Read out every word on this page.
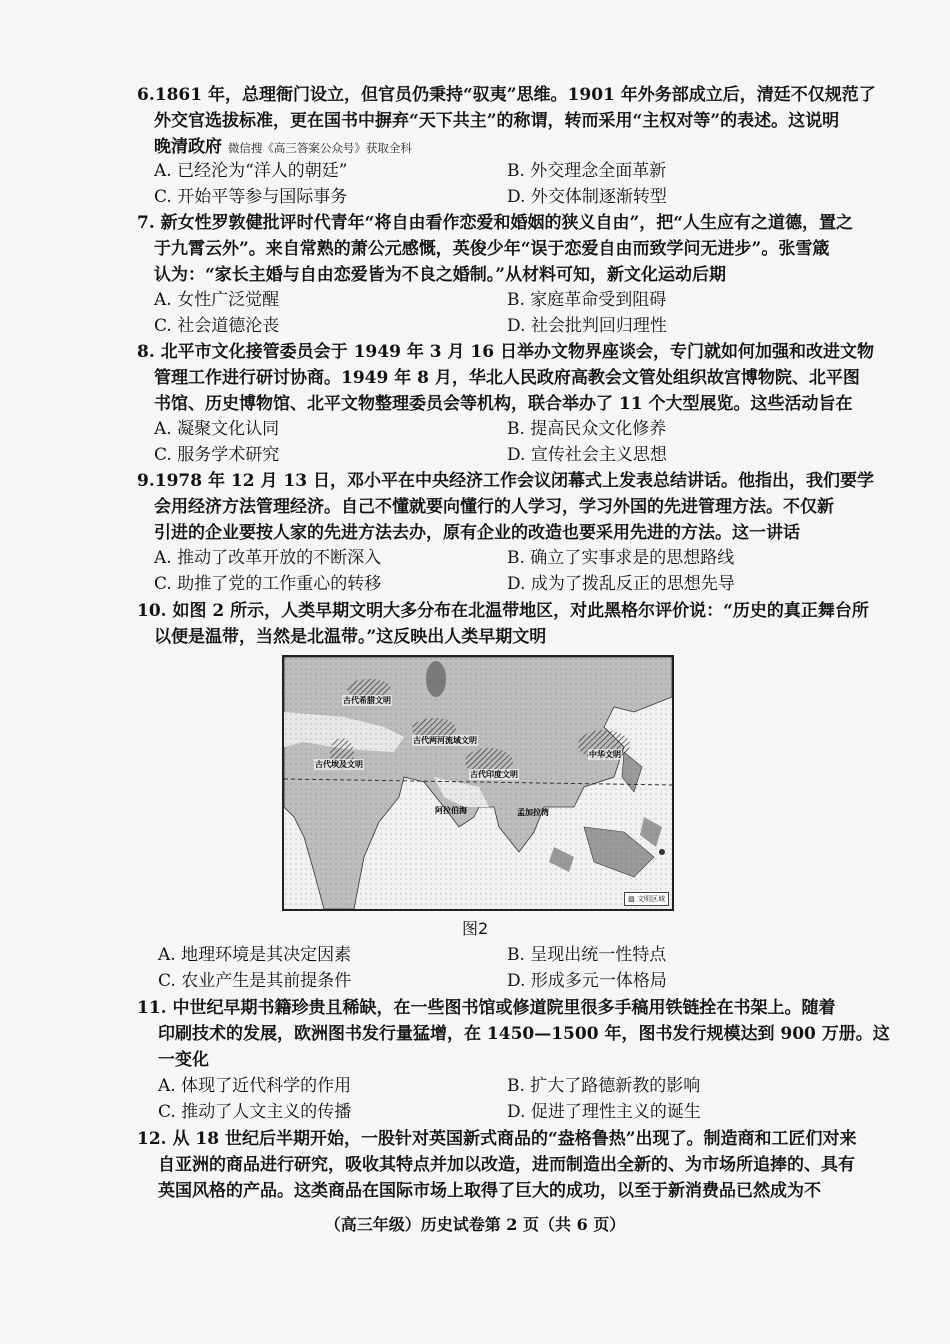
6.1861 年，总理衙门设立，但官员仍秉持“驭夷”思维。1901 年外务部成立后，清廷不仅规范了
外交官选拔标准，更在国书中摒弃“天下共主”的称谓，转而采用“主权对等”的表述。这说明
晚清政府 微信搜《高三答案公众号》获取全科
A. 已经沦为“洋人的朝廷”	B. 外交理念全面革新
C. 开始平等参与国际事务	D. 外交体制逐渐转型
7. 新女性罗敦健批评时代青年“将自由看作恋爱和婚姻的狭义自由”，把“人生应有之道德，置之
于九霄云外”。来自常熟的萧公元感慨，英俊少年“误于恋爱自由而致学问无进步”。张雪箴
认为：“家长主婚与自由恋爱皆为不良之婚制。”从材料可知，新文化运动后期
A. 女性广泛觉醒	B. 家庭革命受到阻碍
C. 社会道德沦丧	D. 社会批判回归理性
8. 北平市文化接管委员会于 1949 年 3 月 16 日举办文物界座谈会，专门就如何加强和改进文物
管理工作进行研讨协商。1949 年 8 月，华北人民政府高教会文管处组织故宫博物院、北平图
书馆、历史博物馆、北平文物整理委员会等机构，联合举办了 11 个大型展览。这些活动旨在
A. 凝聚文化认同	B. 提高民众文化修养
C. 服务学术研究	D. 宣传社会主义思想
9.1978 年 12 月 13 日，邓小平在中央经济工作会议闭幕式上发表总结讲话。他指出，我们要学
会用经济方法管理经济。自己不懂就要向懂行的人学习，学习外国的先进管理方法。不仅新
引进的企业要按人家的先进方法去办，原有企业的改造也要采用先进的方法。这一讲话
A. 推动了改革开放的不断深入	B. 确立了实事求是的思想路线
C. 助推了党的工作重心的转移	D. 成为了拨乱反正的思想先导
10. 如图 2 所示，人类早期文明大多分布在北温带地区，对此黑格尔评价说：“历史的真正舞台所
以便是温带，当然是北温带。”这反映出人类早期文明
古代希腊文明
古代两河流域文明
古代埃及文明
古代印度文明
中华文明
阿拉伯海	孟加拉湾
▨ 文明区域
图2
A. 地理环境是其决定因素	B. 呈现出统一性特点
C. 农业产生是其前提条件	D. 形成多元一体格局
11. 中世纪早期书籍珍贵且稀缺，在一些图书馆或修道院里很多手稿用铁链拴在书架上。随着
印刷技术的发展，欧洲图书发行量猛增，在 1450—1500 年，图书发行规模达到 900 万册。这
一变化
A. 体现了近代科学的作用	B. 扩大了路德新教的影响
C. 推动了人文主义的传播	D. 促进了理性主义的诞生
12. 从 18 世纪后半期开始，一股针对英国新式商品的“盎格鲁热”出现了。制造商和工匠们对来
自亚洲的商品进行研究，吸收其特点并加以改造，进而制造出全新的、为市场所追捧的、具有
英国风格的产品。这类商品在国际市场上取得了巨大的成功，以至于新消费品已然成为不
（高三年级）历史试卷第 2 页（共 6 页）
